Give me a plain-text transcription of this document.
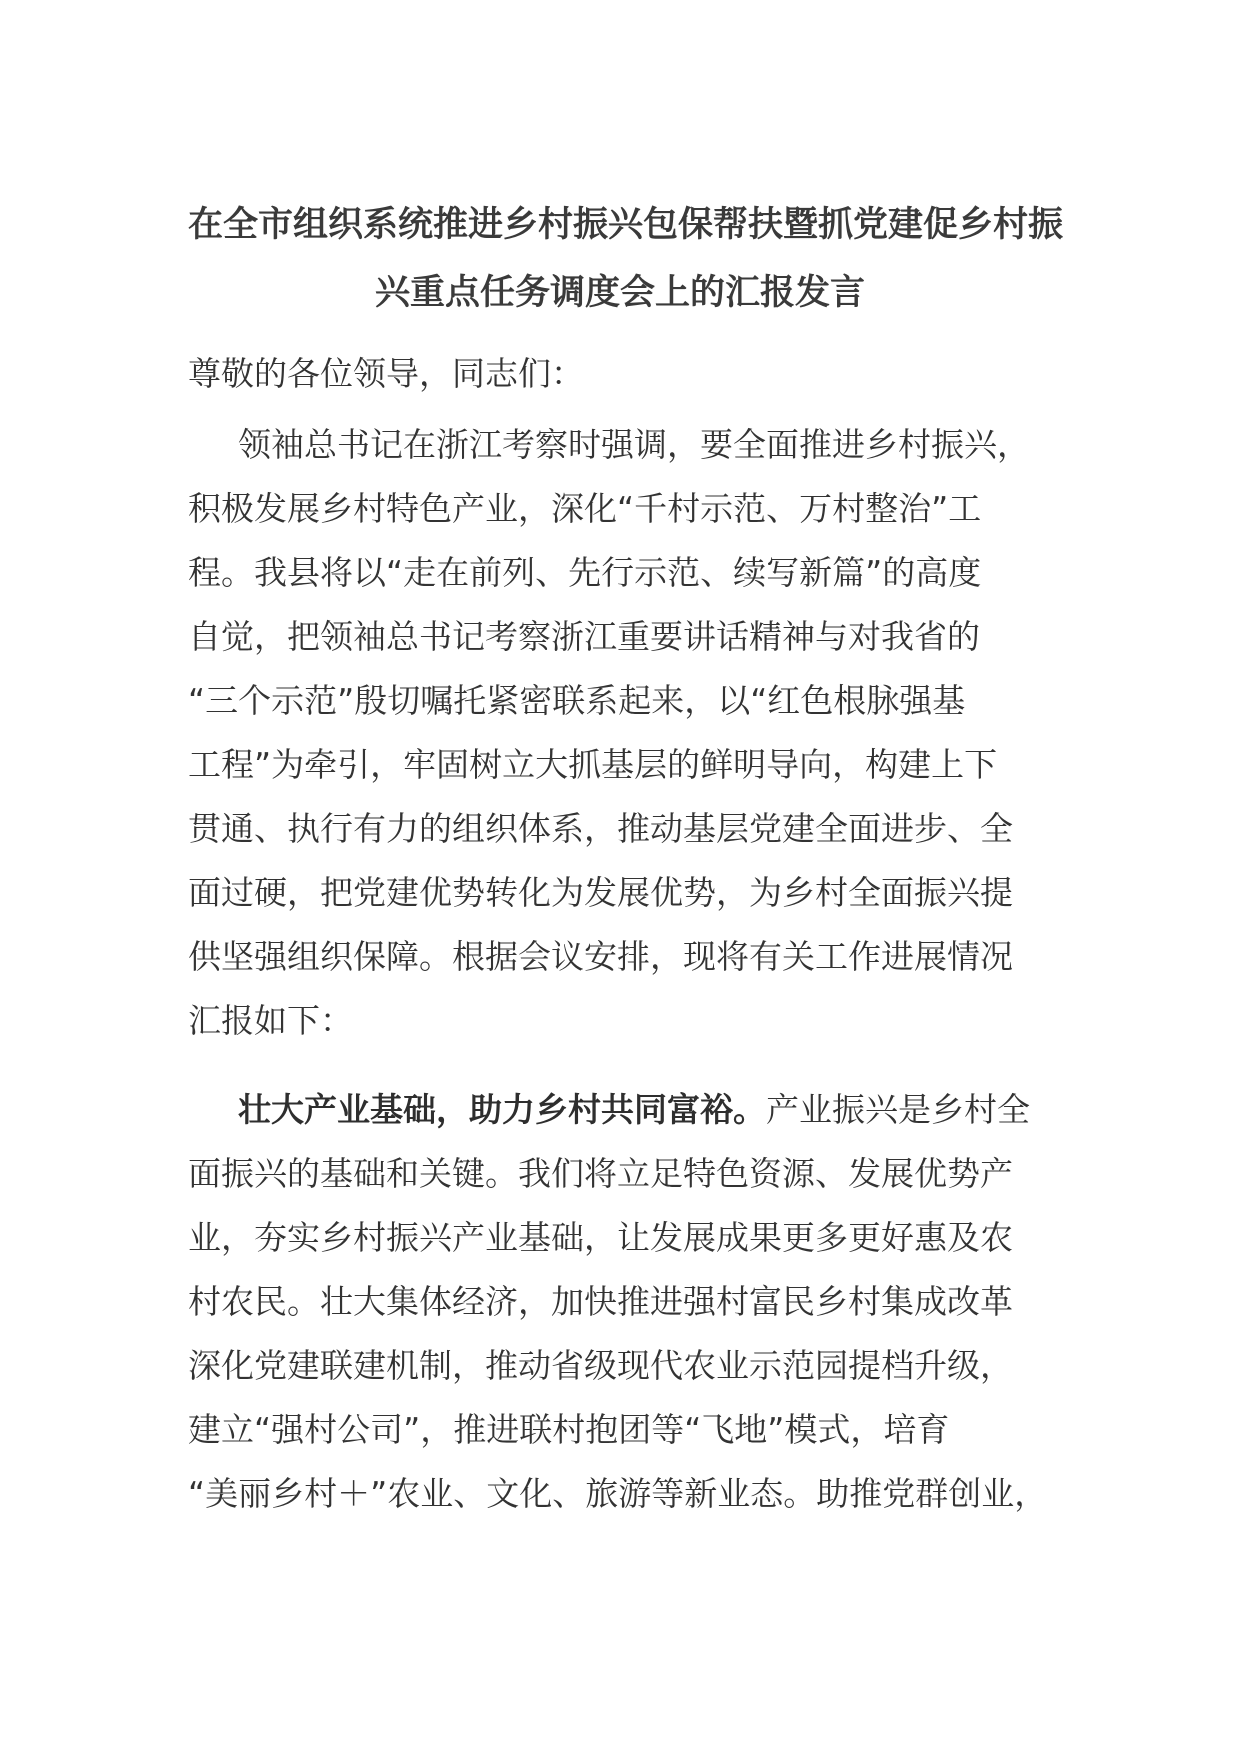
在全市组织系统推进乡村振兴包保帮扶暨抓党建促乡村振
兴重点任务调度会上的汇报发言
尊敬的各位领导，同志们：
　领袖总书记在浙江考察时强调，要全面推进乡村振兴，
积极发展乡村特色产业，深化“千村示范、万村整治”工
程。我县将以“走在前列、先行示范、续写新篇”的高度
自觉，把领袖总书记考察浙江重要讲话精神与对我省的
“三个示范”殷切嘱托紧密联系起来，以“红色根脉强基
工程”为牵引，牢固树立大抓基层的鲜明导向，构建上下
贯通、执行有力的组织体系，推动基层党建全面进步、全
面过硬，把党建优势转化为发展优势，为乡村全面振兴提
供坚强组织保障。根据会议安排，现将有关工作进展情况
汇报如下：
壮大产业基础，助力乡村共同富裕。产业振兴是乡村全
面振兴的基础和关键。我们将立足特色资源、发展优势产
业，夯实乡村振兴产业基础，让发展成果更多更好惠及农
村农民。壮大集体经济，加快推进强村富民乡村集成改革
深化党建联建机制，推动省级现代农业示范园提档升级，
建立“强村公司”，推进联村抱团等“飞地”模式，培育
“美丽乡村＋”农业、文化、旅游等新业态。助推党群创业，
